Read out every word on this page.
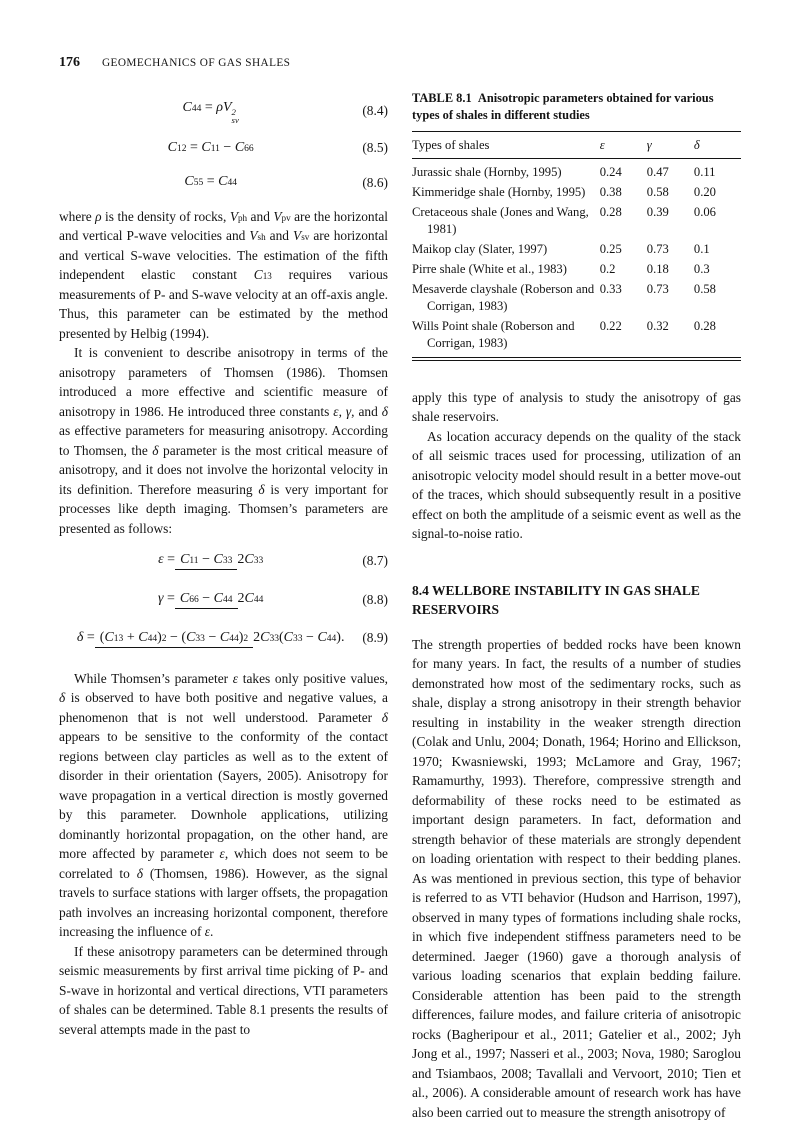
176 GEOMECHANICS OF GAS SHALES
$C_{44} = \rho V$ 2
sv
(8.4)
$C_{12} = C_{11} - C_{66}$	(8.5)
$C_{55} = C_{44}$	(8.6)

where ρ is the density of rocks, $V_{ph}$ and $V_{pv}$ are the horizontal and vertical P-wave velocities and $V_{sh}$ and $V_{sv}$ are horizontal and vertical S-wave velocities. The estimation of the fifth independent elastic constant $C_{13}$ requires various measurements of P- and S-wave velocity at an off-axis angle. Thus, this parameter can be estimated by the method presented by Helbig (1994).

It is convenient to describe anisotropy in terms of the anisotropy parameters of Thomsen (1986). Thomsen introduced a more effective and scientific measure of anisotropy in 1986. He introduced three constants ε, γ, and δ as effective parameters for measuring anisotropy. According to Thomsen, the δ parameter is the most critical measure of anisotropy, and it does not involve the horizontal velocity in its definition. Therefore measuring δ is very important for processes like depth imaging. Thomsen’s parameters are presented as follows:

$\varepsilon =C_{11} - C_{33}$ $2C_{33}$	(8.7)
$\gamma =C_{66} - C_{44}$ $2C_{44}$	(8.8)
$\delta =(C_{13} + C_{44})^2 - (C_{33} - C_{44})^2$ $2C_{33}(C_{33} - C_{44})$.	(8.9)

While Thomsen’s parameter ε takes only positive values, δ is observed to have both positive and negative values, a phenomenon that is not well understood. Parameter δ appears to be sensitive to the conformity of the contact regions between clay particles as well as to the extent of disorder in their orientation (Sayers, 2005). Anisotropy for wave propagation in a vertical direction is mostly governed by this parameter. Downhole applications, utilizing dominantly horizontal propagation, on the other hand, are more affected by parameter ε, which does not seem to be correlated to δ (Thomsen, 1986). However, as the signal travels to surface stations with larger offsets, the propagation path involves an increasing horizontal component, therefore increasing the influence of ε.

If these anisotropy parameters can be determined through seismic measurements by first arrival time picking of P- and S-wave in horizontal and vertical directions, VTI parameters of shales can be determined. Table 8.1 presents the results of several attempts made in the past to

TABLE 8.1 Anisotropic parameters obtained for various types of shales in different studies
Types of shales	ε	γ	δ

Jurassic shale (Hornby, 1995)	0.24	0.47	0.11

Kimmeridge shale (Hornby, 1995)	0.38	0.58	0.20

Cretaceous shale (Jones and Wang, 1981)	0.28	0.39	0.06

Maikop clay (Slater, 1997)	0.25	0.73	0.1

Pirre shale (White et al., 1983)	0.2	0.18	0.3

Mesaverde clayshale (Roberson and Corrigan, 1983)	0.33	0.73	0.58

Wills Point shale (Roberson and Corrigan, 1983)	0.22	0.32	0.28

apply this type of analysis to study the anisotropy of gas shale reservoirs.

As location accuracy depends on the quality of the stack of all seismic traces used for processing, utilization of an anisotropic velocity model should result in a better move-out of the traces, which should subsequently result in a positive effect on both the amplitude of a seismic event as well as the signal-to-noise ratio.

8.4 WELLBORE INSTABILITY IN GAS SHALE RESERVOIRS

The strength properties of bedded rocks have been known for many years. In fact, the results of a number of studies demonstrated how most of the sedimentary rocks, such as shale, display a strong anisotropy in their strength behavior resulting in instability in the weaker strength direction (Colak and Unlu, 2004; Donath, 1964; Horino and Ellickson, 1970; Kwasniewski, 1993; McLamore and Gray, 1967; Ramamurthy, 1993). Therefore, compressive strength and deformability of these rocks need to be estimated as important design parameters. In fact, deformation and strength behavior of these materials are strongly dependent on loading orientation with respect to their bedding planes. As was mentioned in previous section, this type of behavior is referred to as VTI behavior (Hudson and Harrison, 1997), observed in many types of formations including shale rocks, in which five independent stiffness parameters need to be determined. Jaeger (1960) gave a thorough analysis of various loading scenarios that explain bedding failure. Considerable attention has been paid to the strength differences, failure modes, and failure criteria of anisotropic rocks (Bagheripour et al., 2011; Gatelier et al., 2002; Jyh Jong et al., 1997; Nasseri et al., 2003; Nova, 1980; Saroglou and Tsiambaos, 2008; Tavallali and Vervoort, 2010; Tien et al., 2006). A considerable amount of research work has have also been carried out to measure the strength anisotropy of
